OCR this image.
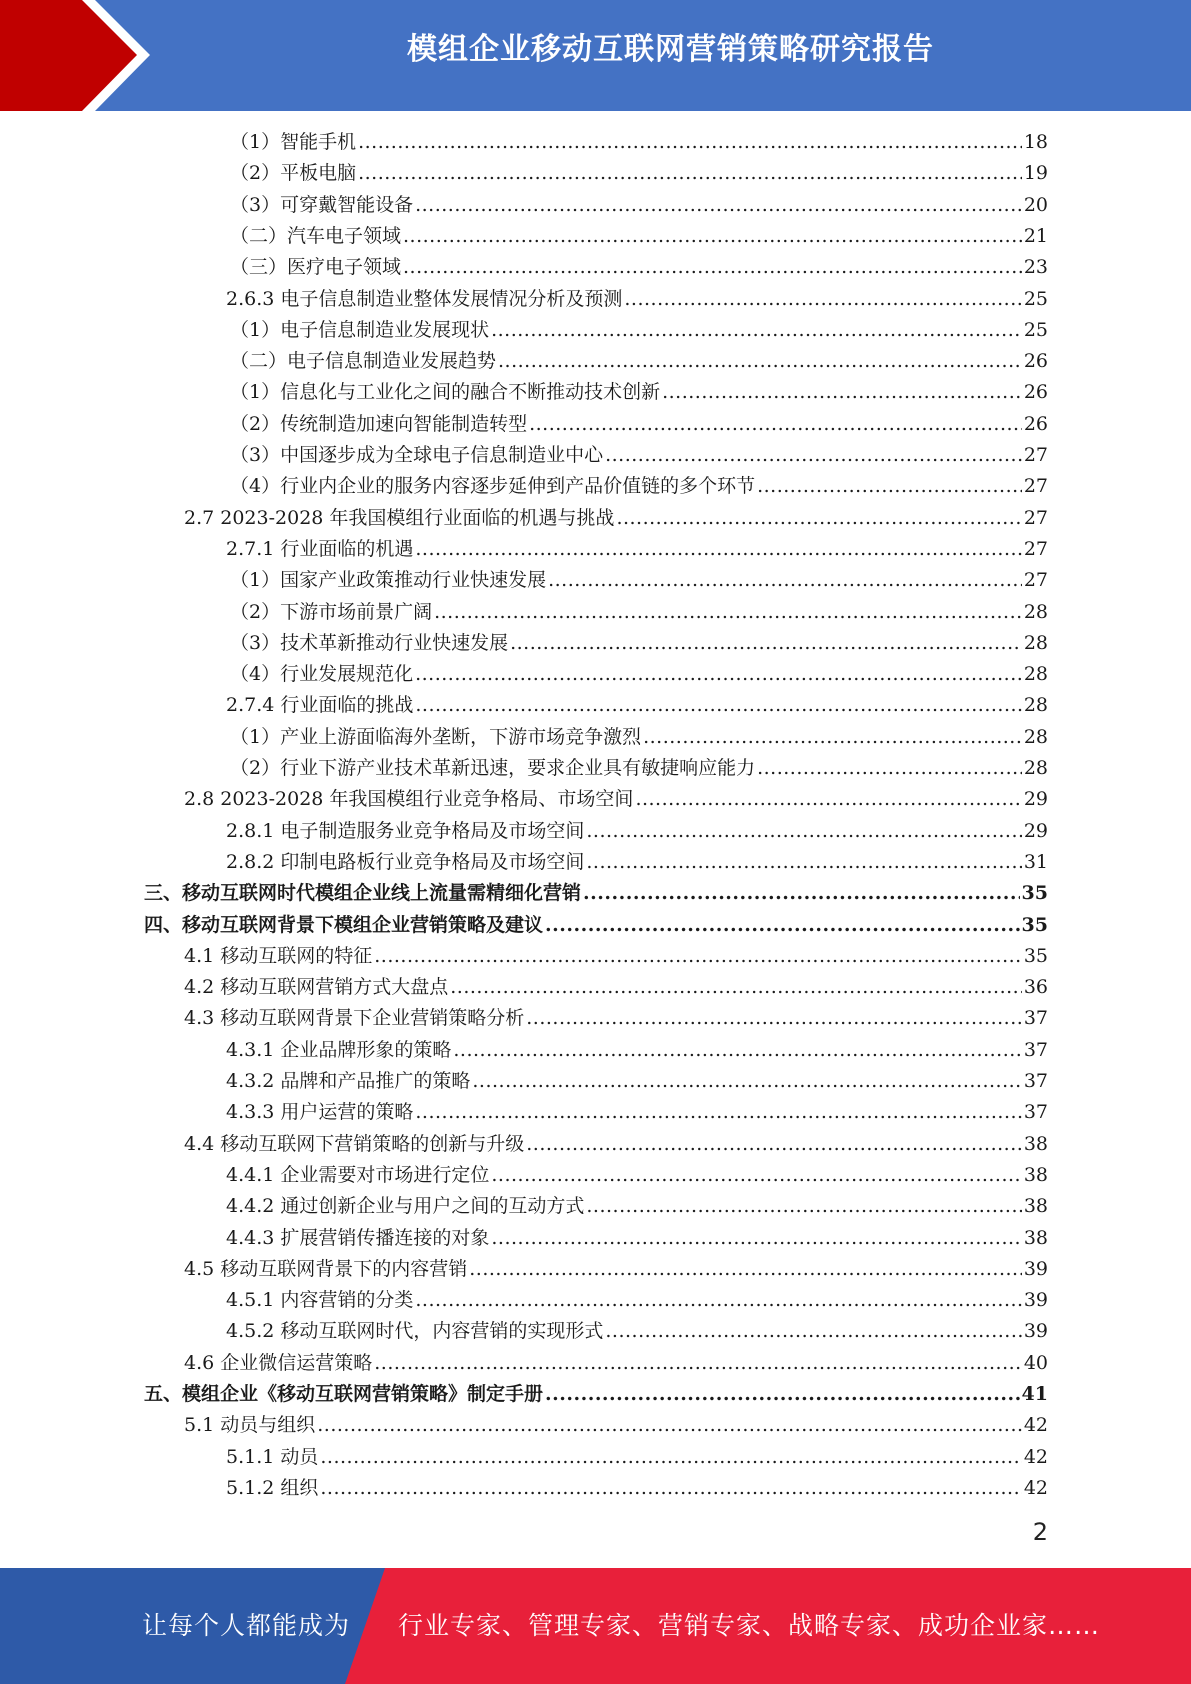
模组企业移动互联网营销策略研究报告
（1）智能手机 .....	18
（2）平板电脑 .....	19
（3）可穿戴智能设备 .....	20
（二）汽车电子领域 .....	21
（三）医疗电子领域 .....	23
2.6.3 电子信息制造业整体发展情况分析及预测 .....	25
（1）电子信息制造业发展现状 .....	25
（二）电子信息制造业发展趋势 .....	26
（1）信息化与工业化之间的融合不断推动技术创新 .....	26
（2）传统制造加速向智能制造转型 .....	26
（3）中国逐步成为全球电子信息制造业中心 .....	27
（4）行业内企业的服务内容逐步延伸到产品价值链的多个环节 .....	27
2.7 2023-2028 年我国模组行业面临的机遇与挑战 .....	27
2.7.1 行业面临的机遇 .....	27
（1）国家产业政策推动行业快速发展 .....	27
（2）下游市场前景广阔 .....	28
（3）技术革新推动行业快速发展 .....	28
（4）行业发展规范化 .....	28
2.7.4 行业面临的挑战 .....	28
（1）产业上游面临海外垄断，下游市场竞争激烈 .....	28
（2）行业下游产业技术革新迅速，要求企业具有敏捷响应能力 .....	28
2.8 2023-2028 年我国模组行业竞争格局、市场空间 .....	29
2.8.1 电子制造服务业竞争格局及市场空间 .....	29
2.8.2 印制电路板行业竞争格局及市场空间 .....	31
三、移动互联网时代模组企业线上流量需精细化营销 .....	35
四、移动互联网背景下模组企业营销策略及建议 .....	35
4.1 移动互联网的特征 .....	35
4.2 移动互联网营销方式大盘点 .....	36
4.3 移动互联网背景下企业营销策略分析 .....	37
4.3.1 企业品牌形象的策略 .....	37
4.3.2 品牌和产品推广的策略 .....	37
4.3.3 用户运营的策略 .....	37
4.4 移动互联网下营销策略的创新与升级 .....	38
4.4.1 企业需要对市场进行定位 .....	38
4.4.2 通过创新企业与用户之间的互动方式 .....	38
4.4.3 扩展营销传播连接的对象 .....	38
4.5 移动互联网背景下的内容营销 .....	39
4.5.1 内容营销的分类 .....	39
4.5.2 移动互联网时代，内容营销的实现形式 .....	39
4.6 企业微信运营策略 .....	40
五、模组企业《移动互联网营销策略》制定手册 .....	41
5.1 动员与组织 .....	42
5.1.1 动员 .....	42
5.1.2 组织 .....	42
2
让每个人都能成为 行业专家、管理专家、营销专家、战略专家、成功企业家……
